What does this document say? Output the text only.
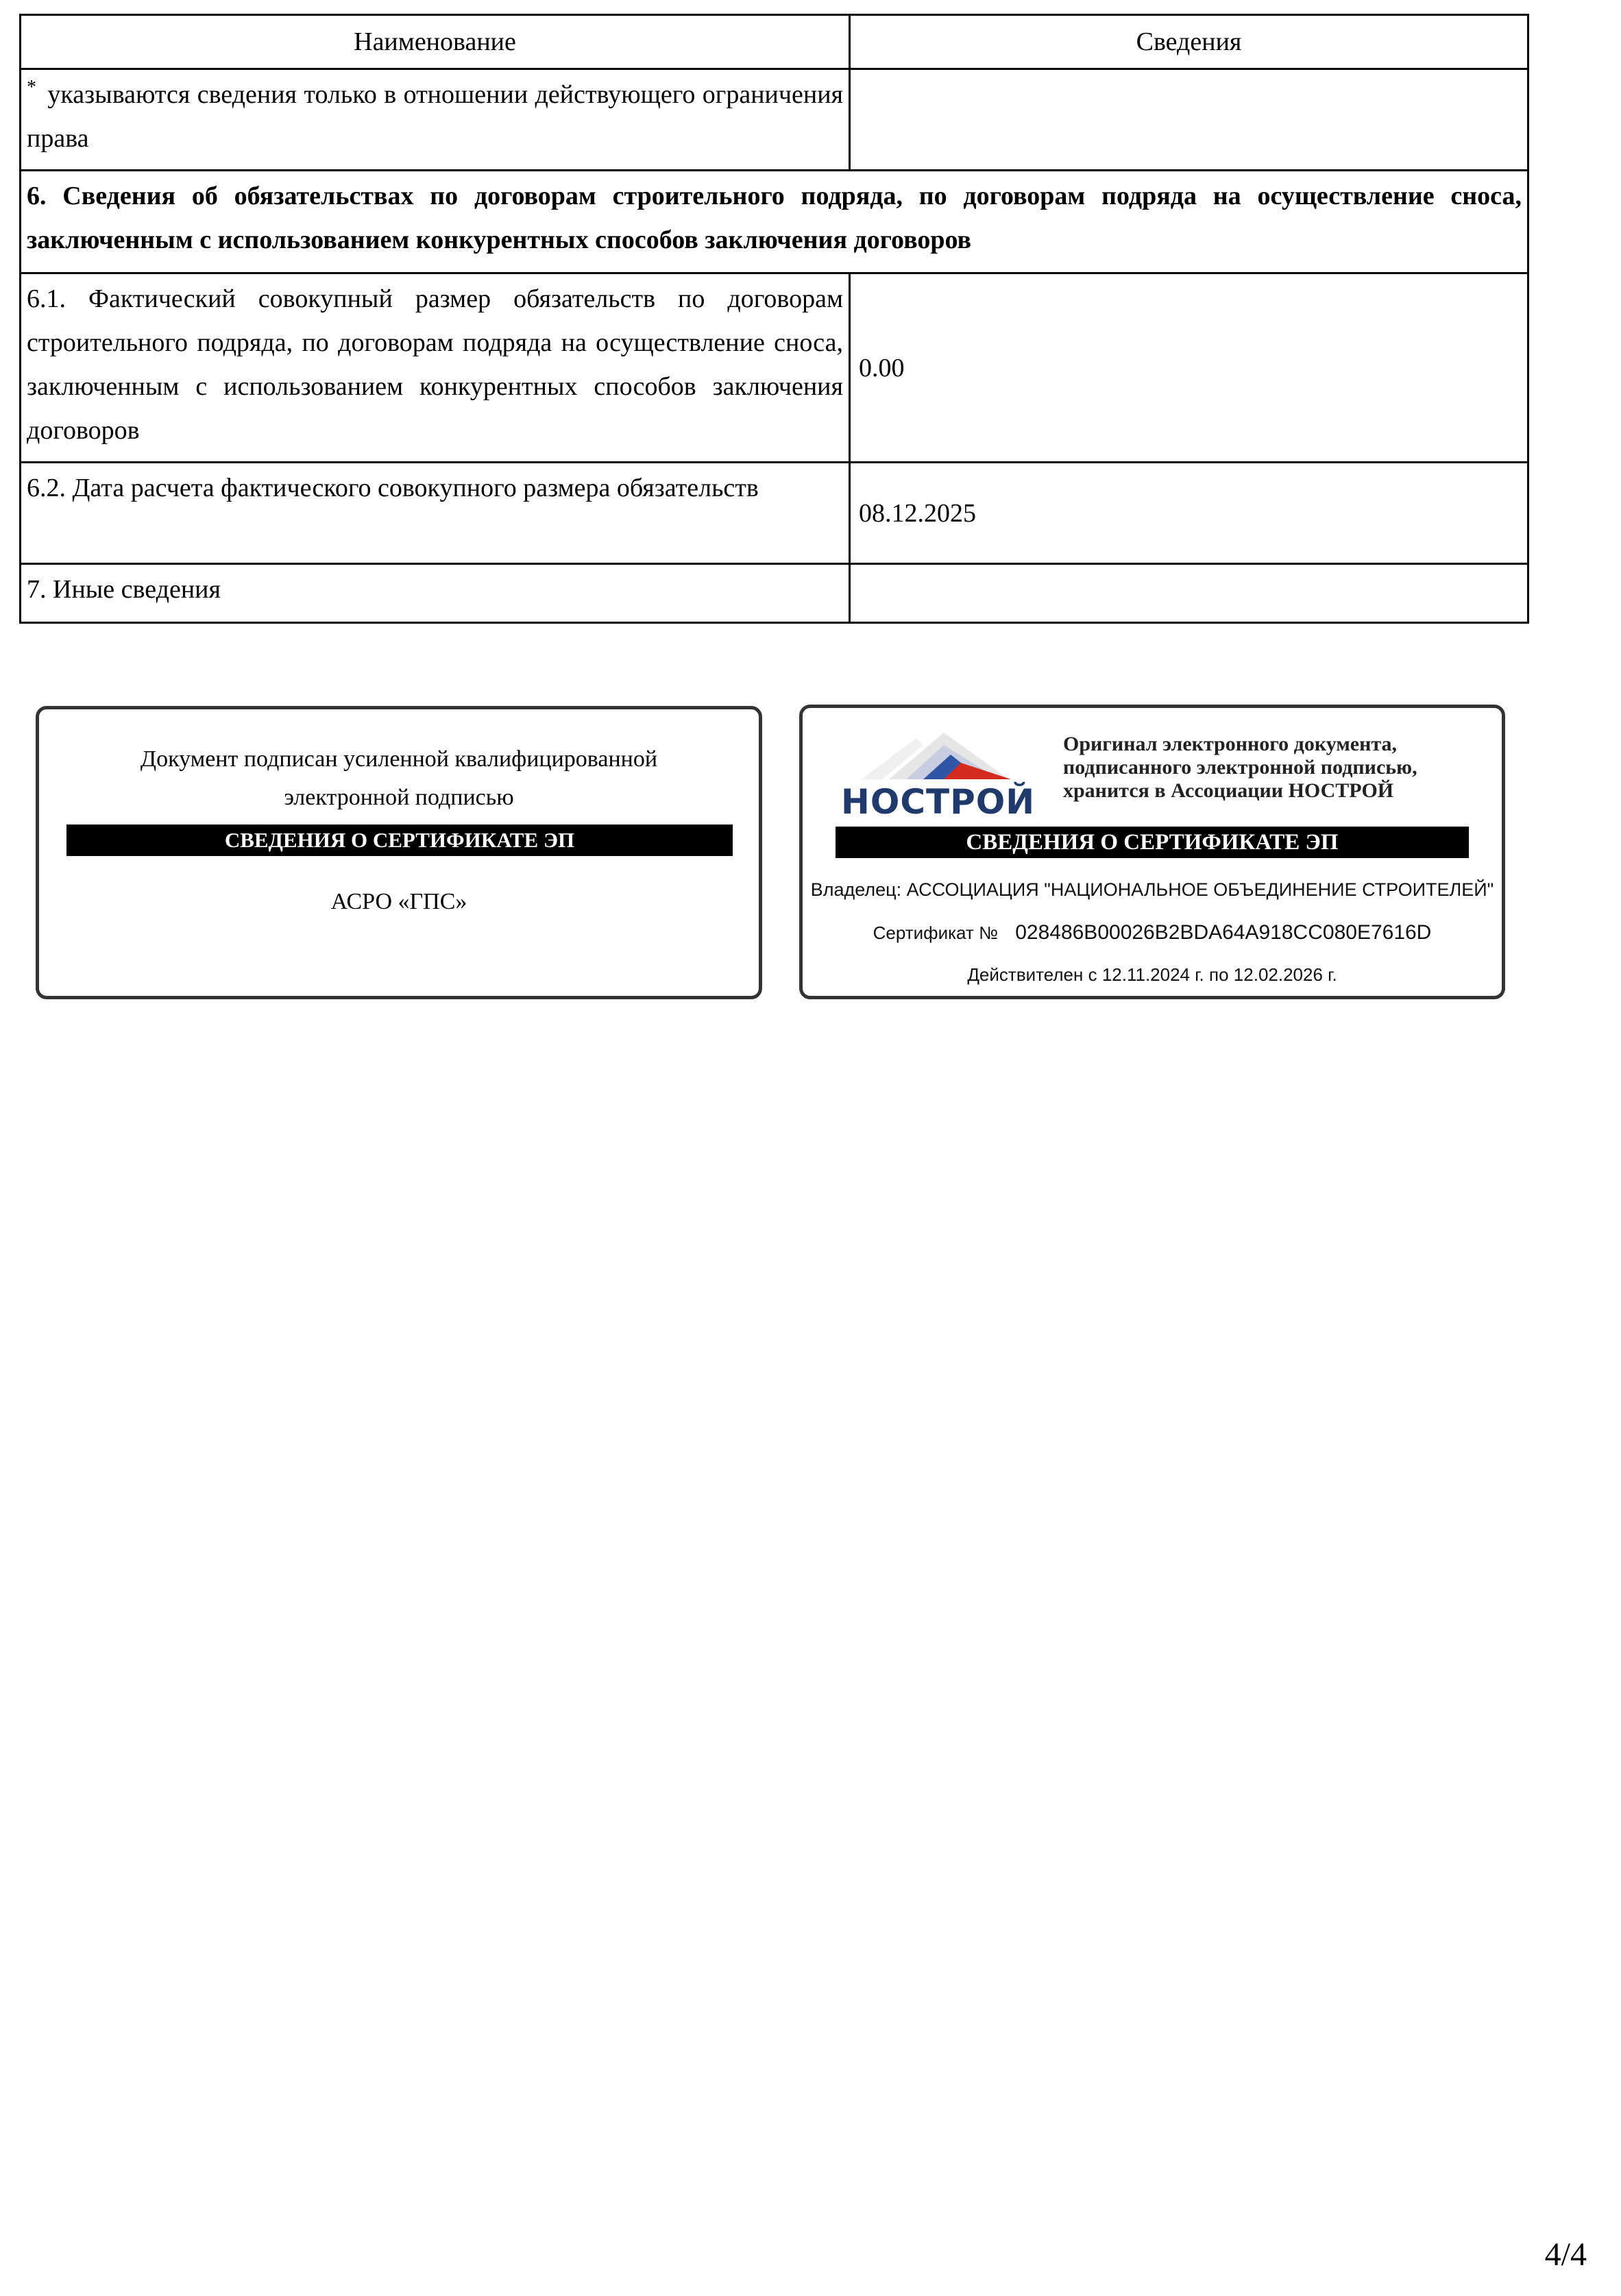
Наименование	Сведения
* указываются сведения только в отношении действующего ограничения права	
6. Сведения об обязательствах по договорам строительного подряда, по договорам подряда на осуществление сноса, заключенным с использованием конкурентных способов заключения договоров	
6.1. Фактический совокупный размер обязательств по договорам строительного подряда, по договорам подряда на осуществление сноса, заключенным с использованием конкурентных способов заключения договоров	0.00
6.2. Дата расчета фактического совокупного размера обязательств	08.12.2025
7. Иные сведения	
Документ подписан усиленной квалифицированной
электронной подписью
СВЕДЕНИЯ О СЕРТИФИКАТЕ ЭП
АСРО «ГПС»
НОСТРОЙ
Оригинал электронного документа, подписанного электронной подписью, хранится в Ассоциации НОСТРОЙ
СВЕДЕНИЯ О СЕРТИФИКАТЕ ЭП
Владелец: АССОЦИАЦИЯ "НАЦИОНАЛЬНОЕ ОБЪЕДИНЕНИЕ СТРОИТЕЛЕЙ"
Сертификат № 028486B00026B2BDA64A918CC080E7616D
Действителен с 12.11.2024 г. по 12.02.2026 г.
4/4
